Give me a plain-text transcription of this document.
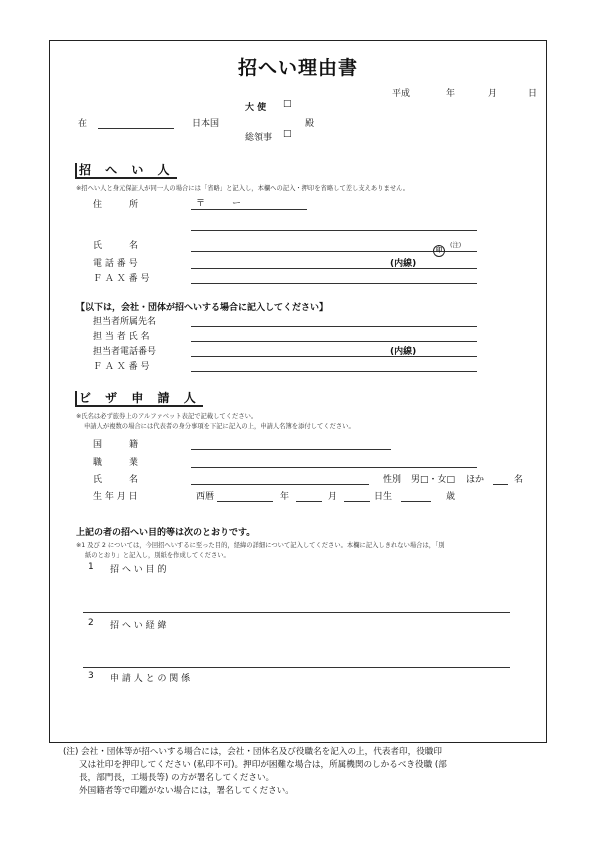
招へい理由書
平成	年	月	日
大 使 □
在	日本国	殿
総領事 □
招 へ い 人
※招へい人と身元保証人が同一人の場合には「省略」と記入し，本欄への記入・押印を省略して差し支えありません。
住　　　所	〒　　　ー
氏　　　名	印
(注)
電 話 番 号	(内線)
Ｆ Ａ Ｘ 番 号
【以下は，会社・団体が招へいする場合に記入してください】
担当者所属先名
担 当 者 氏 名
担当者電話番号	(内線)
Ｆ Ａ Ｘ 番 号
ビ ザ 申 請 人
※氏名は必ず旅券上のアルファベット表記で記載してください。
申請人が複数の場合には代表者の身分事項を下記に記入の上，申請人名簿を添付してください。
国　　　籍
職　　　業
氏　　　名	性別 男□・女□ ほか	名
生 年 月 日	西暦	年	月	日生	歳
上記の者の招へい目的等は次のとおりです。
※1 及び 2 については，今回招へいするに至った目的，経緯の詳細について記入してください。本欄に記入しきれない場合は，「別
紙のとおり」と記入し，別紙を作成してください。
1 招 へ い 目 的
2 招 へ い 経 緯
3 申 請 人 と の 関 係
(注) 会社・団体等が招へいする場合には，会社・団体名及び役職名を記入の上，代表者印，役職印
又は社印を押印してください (私印不可)。押印が困難な場合は，所属機関のしかるべき役職 (部
長，部門長，工場長等) の方が署名してください。
外国籍者等で印鑑がない場合には，署名してください。
